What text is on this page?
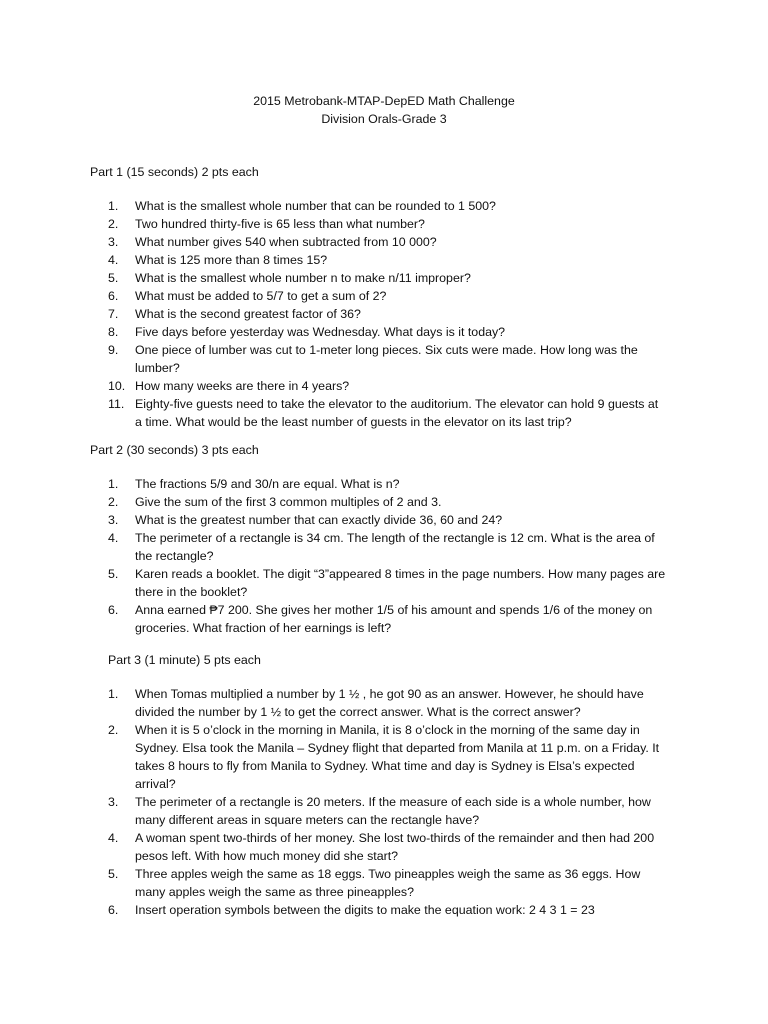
2015 Metrobank-MTAP-DepED Math Challenge
Division Orals-Grade 3
Part 1 (15 seconds) 2 pts each
1. What is the smallest whole number that can be rounded to 1 500?
2. Two hundred thirty-five is 65 less than what number?
3. What number gives 540 when subtracted from 10 000?
4. What is 125 more than 8 times 15?
5. What is the smallest whole number n to make n/11 improper?
6. What must be added to 5/7 to get a sum of 2?
7. What is the second greatest factor of 36?
8. Five days before yesterday was Wednesday. What days is it today?
9. One piece of lumber was cut to 1-meter long pieces. Six cuts were made. How long was the lumber?
10. How many weeks are there in 4 years?
11. Eighty-five guests need to take the elevator to the auditorium. The elevator can hold 9 guests at a time. What would be the least number of guests in the elevator on its last trip?
Part 2 (30 seconds) 3 pts each
1. The fractions 5/9 and 30/n are equal. What is n?
2. Give the sum of the first 3 common multiples of 2 and 3.
3. What is the greatest number that can exactly divide 36, 60 and 24?
4. The perimeter of a rectangle is 34 cm. The length of the rectangle is 12 cm. What is the area of the rectangle?
5. Karen reads a booklet. The digit “3”appeared 8 times in the page numbers. How many pages are there in the booklet?
6. Anna earned ₱7 200. She gives her mother 1/5 of his amount and spends 1/6 of the money on groceries. What fraction of her earnings is left?
Part 3 (1 minute) 5 pts each
1. When Tomas multiplied a number by 1 ½ , he got 90 as an answer. However, he should have divided the number by 1 ½ to get the correct answer. What is the correct answer?
2. When it is 5 o’clock in the morning in Manila, it is 8 o’clock in the morning of the same day in Sydney. Elsa took the Manila – Sydney flight that departed from Manila at 11 p.m. on a Friday. It takes 8 hours to fly from Manila to Sydney. What time and day is Sydney is Elsa’s expected arrival?
3. The perimeter of a rectangle is 20 meters. If the measure of each side is a whole number, how many different areas in square meters can the rectangle have?
4. A woman spent two-thirds of her money. She lost two-thirds of the remainder and then had 200 pesos left. With how much money did she start?
5. Three apples weigh the same as 18 eggs. Two pineapples weigh the same as 36 eggs. How many apples weigh the same as three pineapples?
6. Insert operation symbols between the digits to make the equation work: 2 4 3 1 = 23
